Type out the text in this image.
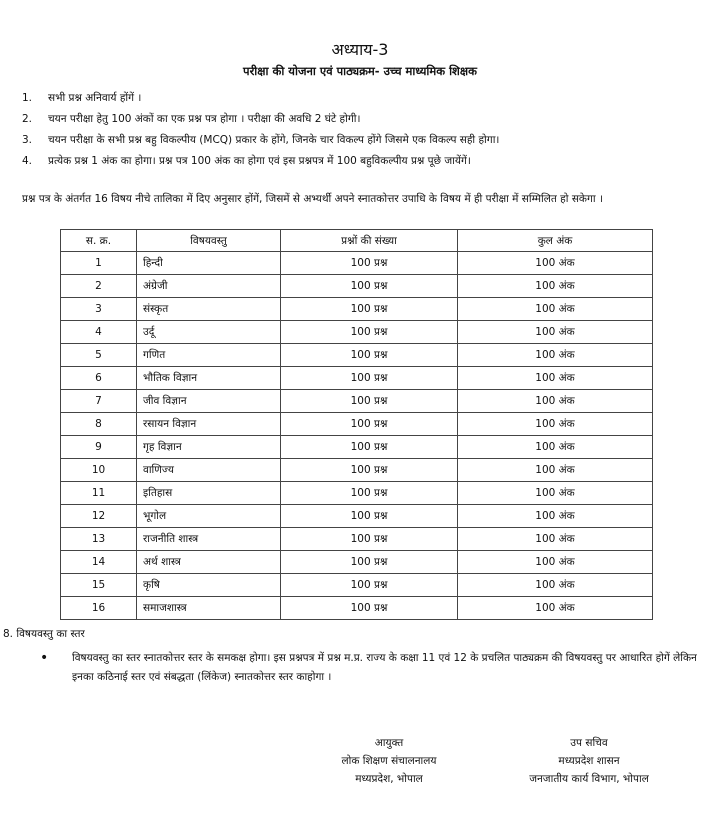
अध्याय-3
परीक्षा की योजना एवं पाठ्यक्रम- उच्च माध्यमिक शिक्षक
1.	सभी प्रश्न अनिवार्य होंगें ।
2.	चयन परीक्षा हेतु 100 अंकों का एक प्रश्न पत्र होगा । परीक्षा की अवधि 2 घंटे होगी।
3.	चयन परीक्षा के सभी प्रश्न बहु विकल्पीय (MCQ) प्रकार के होंगे, जिनके चार विकल्प होंगे जिसमे एक विकल्प सही होगा।
4.	प्रत्येक प्रश्न 1 अंक का होगा। प्रश्न पत्र 100 अंक का होगा एवं इस प्रश्नपत्र में 100 बहुविकल्पीय प्रश्न पूछे जायेंगें।
प्रश्न पत्र के अंतर्गत 16 विषय नीचे तालिका में दिए अनुसार होंगें, जिसमें से अभ्यर्थी अपने स्नातकोत्तर उपाधि के विषय में ही परीक्षा में सम्मिलित हो सकेगा ।
स. क्र.	विषयवस्तु	प्रश्नों की संख्या	कुल अंक
1	हिन्दी	100 प्रश्न	100 अंक
2	अंग्रेजी	100 प्रश्न	100 अंक
3	संस्कृत	100 प्रश्न	100 अंक
4	उर्दू	100 प्रश्न	100 अंक
5	गणित	100 प्रश्न	100 अंक
6	भौतिक विज्ञान	100 प्रश्न	100 अंक
7	जीव विज्ञान	100 प्रश्न	100 अंक
8	रसायन विज्ञान	100 प्रश्न	100 अंक
9	गृह विज्ञान	100 प्रश्न	100 अंक
10	वाणिज्य	100 प्रश्न	100 अंक
11	इतिहास	100 प्रश्न	100 अंक
12	भूगोल	100 प्रश्न	100 अंक
13	राजनीति शास्त्र	100 प्रश्न	100 अंक
14	अर्थ शास्त्र	100 प्रश्न	100 अंक
15	कृषि	100 प्रश्न	100 अंक
16	समाजशास्त्र	100 प्रश्न	100 अंक
8. विषयवस्तु का स्तर
•	विषयवस्तु का स्तर स्नातकोत्तर स्तर के समकक्ष होगा। इस प्रश्नपत्र में प्रश्न म.प्र. राज्य के कक्षा 11 एवं 12 के प्रचलित पाठ्यक्रम की विषयवस्तु पर आधारित होगें लेकिन इनका कठिनाई स्तर एवं संबद्धता (लिंकेज) स्नातकोत्तर स्तर काहोगा ।
आयुक्त
लोक शिक्षण संचालनालय
मध्यप्रदेश, भोपाल
उप सचिव
मध्यप्रदेश शासन
जनजातीय कार्य विभाग, भोपाल
